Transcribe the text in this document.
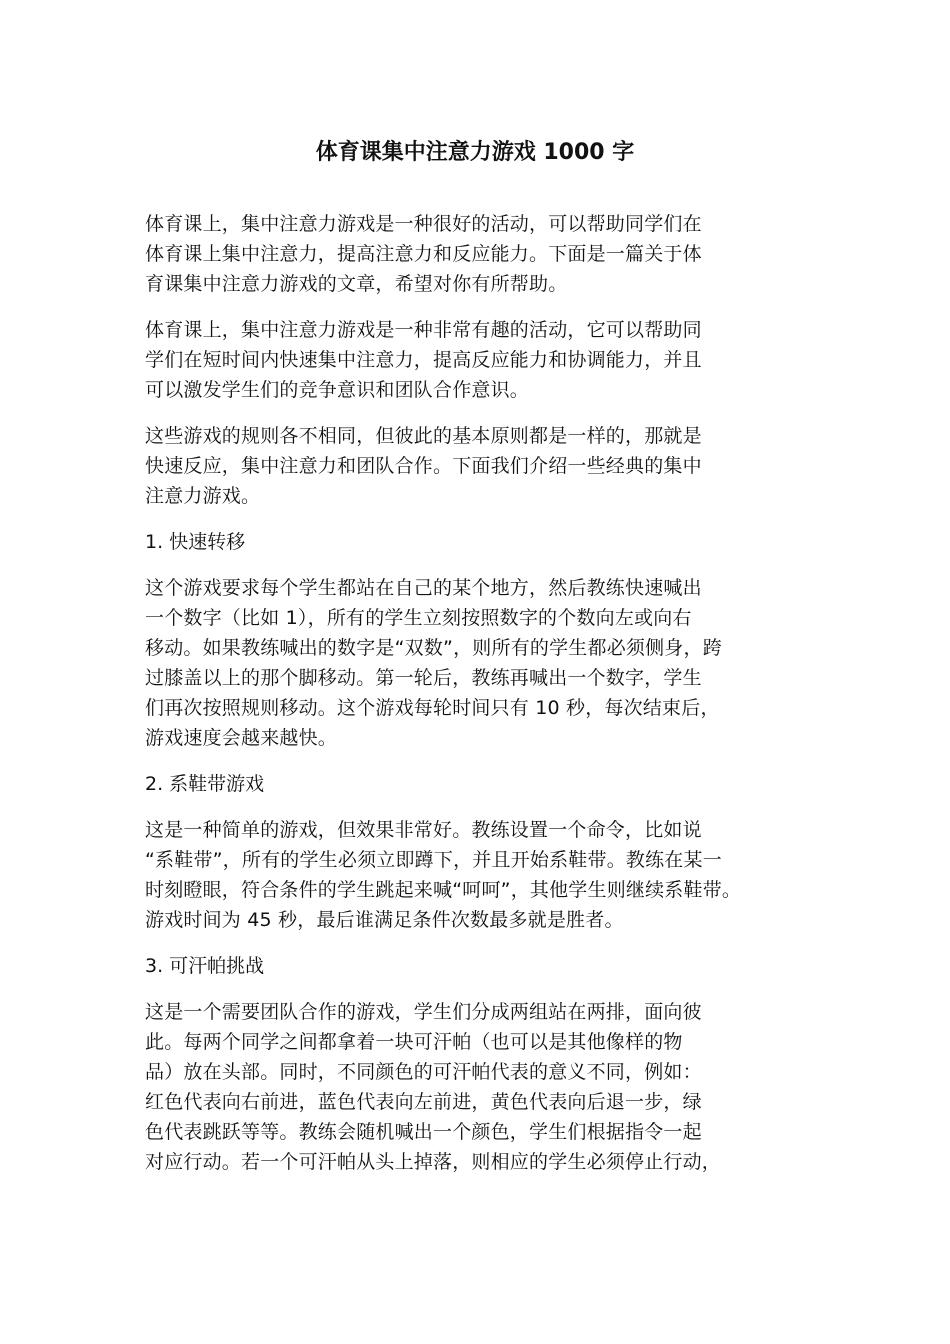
体育课集中注意力游戏 1000 字

体育课上，集中注意力游戏是一种很好的活动，可以帮助同学们在
体育课上集中注意力，提高注意力和反应能力。下面是一篇关于体
育课集中注意力游戏的文章，希望对你有所帮助。

体育课上，集中注意力游戏是一种非常有趣的活动，它可以帮助同
学们在短时间内快速集中注意力，提高反应能力和协调能力，并且
可以激发学生们的竞争意识和团队合作意识。

这些游戏的规则各不相同，但彼此的基本原则都是一样的，那就是
快速反应，集中注意力和团队合作。下面我们介绍一些经典的集中
注意力游戏。

1. 快速转移

这个游戏要求每个学生都站在自己的某个地方，然后教练快速喊出
一个数字（比如 1），所有的学生立刻按照数字的个数向左或向右
移动。如果教练喊出的数字是“双数”，则所有的学生都必须侧身，跨
过膝盖以上的那个脚移动。第一轮后，教练再喊出一个数字，学生
们再次按照规则移动。这个游戏每轮时间只有 10 秒，每次结束后，
游戏速度会越来越快。

2. 系鞋带游戏

这是一种简单的游戏，但效果非常好。教练设置一个命令，比如说
“系鞋带”，所有的学生必须立即蹲下，并且开始系鞋带。教练在某一
时刻瞪眼，符合条件的学生跳起来喊“呵呵”，其他学生则继续系鞋带。
游戏时间为 45 秒，最后谁满足条件次数最多就是胜者。

3. 可汗帕挑战

这是一个需要团队合作的游戏，学生们分成两组站在两排，面向彼
此。每两个同学之间都拿着一块可汗帕（也可以是其他像样的物
品）放在头部。同时，不同颜色的可汗帕代表的意义不同，例如：
红色代表向右前进，蓝色代表向左前进，黄色代表向后退一步，绿
色代表跳跃等等。教练会随机喊出一个颜色，学生们根据指令一起
对应行动。若一个可汗帕从头上掉落，则相应的学生必须停止行动，
